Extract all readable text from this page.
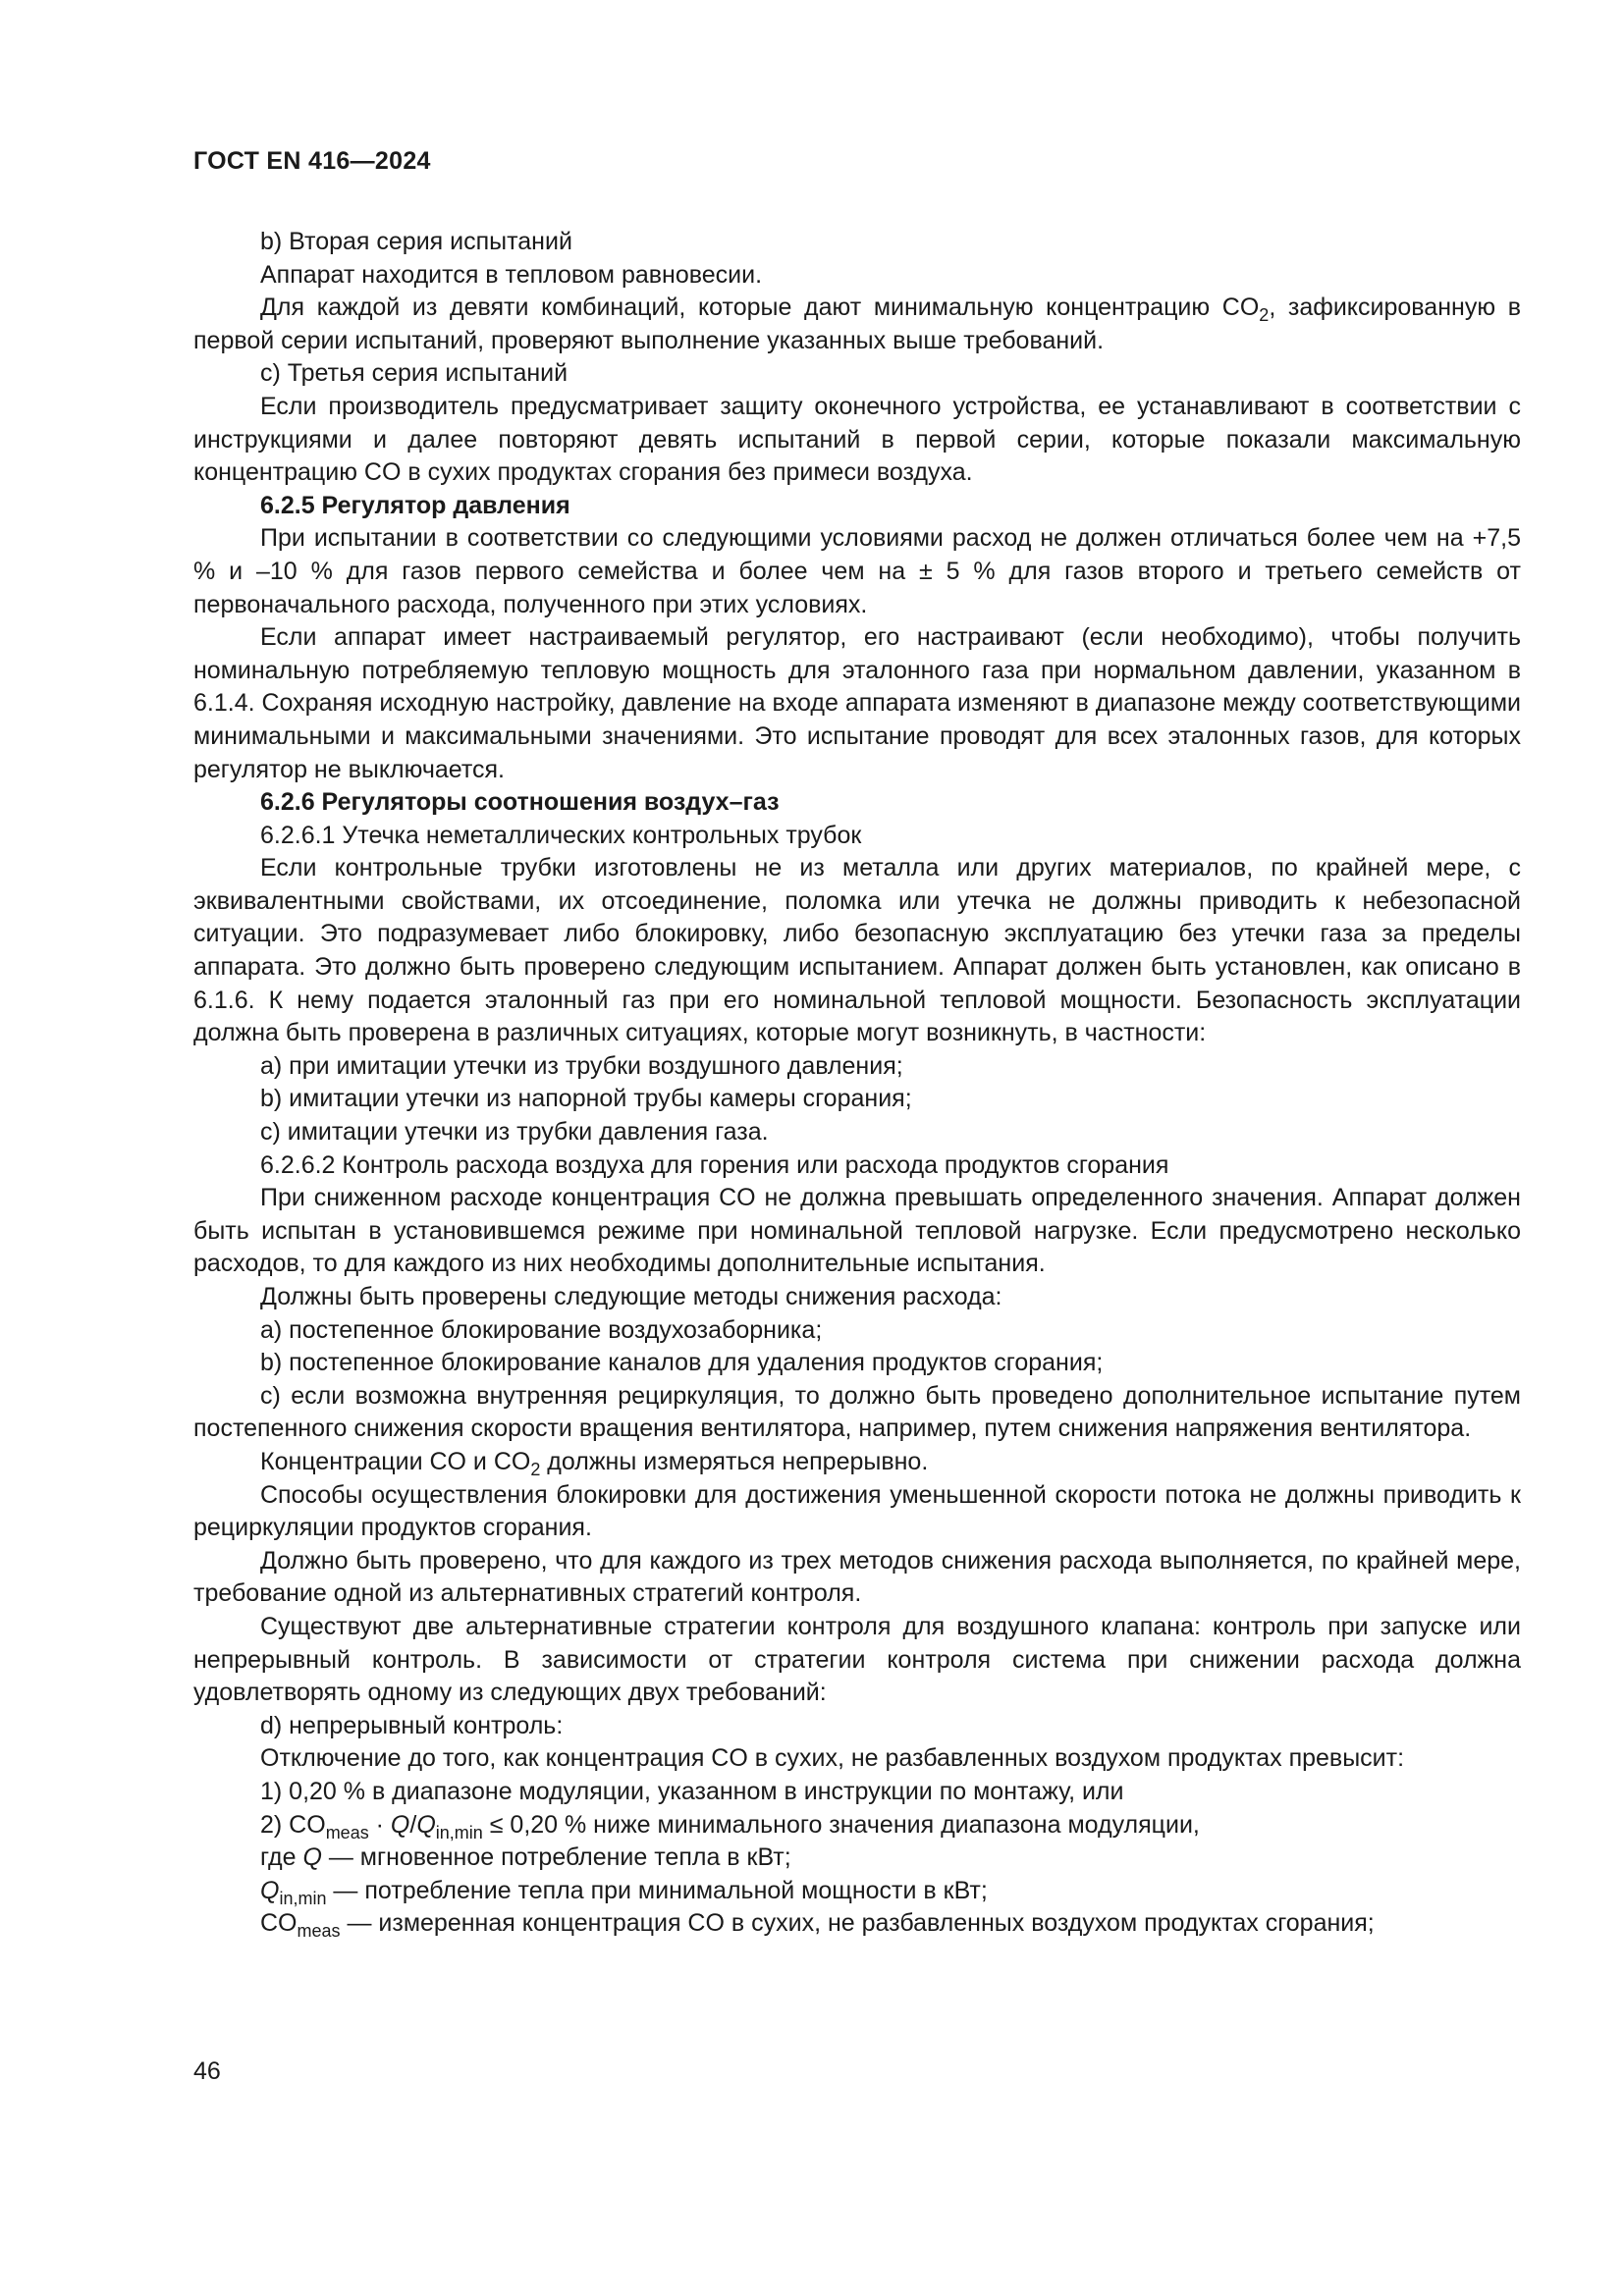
ГОСТ EN 416—2024

b) Вторая серия испытаний

Аппарат находится в тепловом равновесии.

Для каждой из девяти комбинаций, которые дают минимальную концентрацию $CO_2$, зафиксированную в первой серии испытаний, проверяют выполнение указанных выше требований.

c) Третья серия испытаний

Если производитель предусматривает защиту оконечного устройства, ее устанавливают в соответствии с инструкциями и далее повторяют девять испытаний в первой серии, которые показали максимальную концентрацию CO в сухих продуктах сгорания без примеси воздуха.

6.2.5 Регулятор давления

При испытании в соответствии со следующими условиями расход не должен отличаться более чем на +7,5 % и –10 % для газов первого семейства и более чем на ± 5 % для газов второго и третьего семейств от первоначального расхода, полученного при этих условиях.

Если аппарат имеет настраиваемый регулятор, его настраивают (если необходимо), чтобы получить номинальную потребляемую тепловую мощность для эталонного газа при нормальном давлении, указанном в 6.1.4. Сохраняя исходную настройку, давление на входе аппарата изменяют в диапазоне между соответствующими минимальными и максимальными значениями. Это испытание проводят для всех эталонных газов, для которых регулятор не выключается.

6.2.6 Регуляторы соотношения воздух–газ

6.2.6.1 Утечка неметаллических контрольных трубок

Если контрольные трубки изготовлены не из металла или других материалов, по крайней мере, с эквивалентными свойствами, их отсоединение, поломка или утечка не должны приводить к небезопасной ситуации. Это подразумевает либо блокировку, либо безопасную эксплуатацию без утечки газа за пределы аппарата. Это должно быть проверено следующим испытанием. Аппарат должен быть установлен, как описано в 6.1.6. К нему подается эталонный газ при его номинальной тепловой мощности. Безопасность эксплуатации должна быть проверена в различных ситуациях, которые могут возникнуть, в частности:

a) при имитации утечки из трубки воздушного давления;

b) имитации утечки из напорной трубы камеры сгорания;

c) имитации утечки из трубки давления газа.

6.2.6.2 Контроль расхода воздуха для горения или расхода продуктов сгорания

При сниженном расходе концентрация CO не должна превышать определенного значения. Аппарат должен быть испытан в установившемся режиме при номинальной тепловой нагрузке. Если предусмотрено несколько расходов, то для каждого из них необходимы дополнительные испытания.

Должны быть проверены следующие методы снижения расхода:

a) постепенное блокирование воздухозаборника;

b) постепенное блокирование каналов для удаления продуктов сгорания;

c) если возможна внутренняя рециркуляция, то должно быть проведено дополнительное испытание путем постепенного снижения скорости вращения вентилятора, например, путем снижения напряжения вентилятора.

Концентрации CO и $CO_2$ должны измеряться непрерывно.

Способы осуществления блокировки для достижения уменьшенной скорости потока не должны приводить к рециркуляции продуктов сгорания.

Должно быть проверено, что для каждого из трех методов снижения расхода выполняется, по крайней мере, требование одной из альтернативных стратегий контроля.

Существуют две альтернативные стратегии контроля для воздушного клапана: контроль при запуске или непрерывный контроль. В зависимости от стратегии контроля система при снижении расхода должна удовлетворять одному из следующих двух требований:

d) непрерывный контроль:

Отключение до того, как концентрация CO в сухих, не разбавленных воздухом продуктах превысит:

1) 0,20 % в диапазоне модуляции, указанном в инструкции по монтажу, или

2) $CO_{meas} \cdot Q/Q_{in,min} \le 0,20$ % ниже минимального значения диапазона модуляции,

где Q — мгновенное потребление тепла в кВт;

$Q_{in,min}$ — потребление тепла при минимальной мощности в кВт;

$CO_{meas}$ — измеренная концентрация CO в сухих, не разбавленных воздухом продуктах сгорания;

46
